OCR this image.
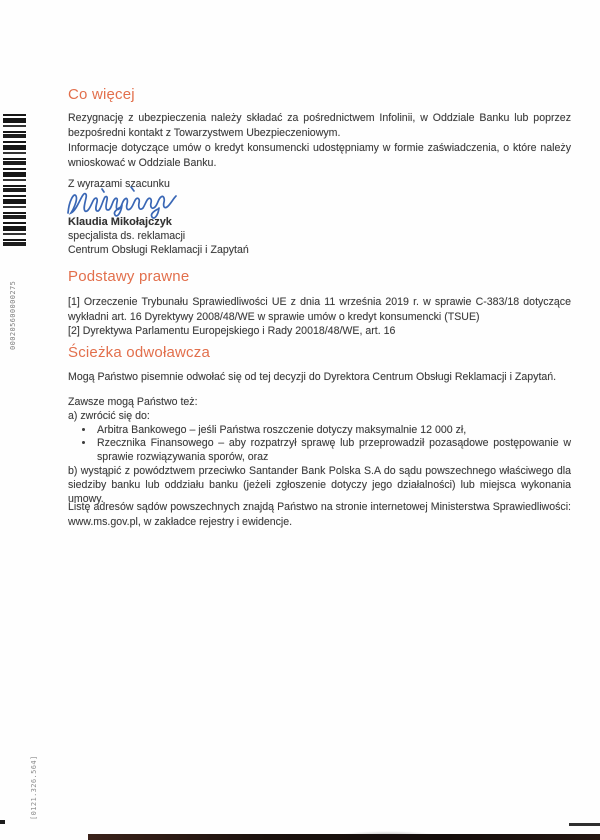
000205600000275
[0121.326.564]
Co więcej

Rezygnację z ubezpieczenia należy składać za pośrednictwem Infolinii, w Oddziale Banku lub poprzez bezpośredni kontakt z Towarzystwem Ubezpieczeniowym.

Informacje dotyczące umów o kredyt konsumencki udostępniamy w formie zaświadczenia, o które należy wnioskować w Oddziale Banku.

Z wyrazami szacunku

Klaudia Mikołajczyk

specjalista ds. reklamacji

Centrum Obsługi Reklamacji i Zapytań

Podstawy prawne

[1] Orzeczenie Trybunału Sprawiedliwości UE z dnia 11 września 2019 r. w sprawie C-383/18 dotyczące wykładni art. 16 Dyrektywy 2008/48/WE w sprawie umów o kredyt konsumencki (TSUE)

[2] Dyrektywa Parlamentu Europejskiego i Rady 20018/48/WE, art. 16

Ścieżka odwoławcza

Mogą Państwo pisemnie odwołać się od tej decyzji do Dyrektora Centrum Obsługi Reklamacji i Zapytań.

Zawsze mogą Państwo też:

a) zwrócić się do:

• Arbitra Bankowego – jeśli Państwa roszczenie dotyczy maksymalnie 12 000 zł,
• Rzecznika Finansowego – aby rozpatrzył sprawę lub przeprowadził pozasądowe postępowanie w sprawie rozwiązywania sporów, oraz

b) wystąpić z powództwem przeciwko Santander Bank Polska S.A do sądu powszechnego właściwego dla siedziby banku lub oddziału banku (jeżeli zgłoszenie dotyczy jego działalności) lub miejsca wykonania umowy.

Listę adresów sądów powszechnych znajdą Państwo na stronie internetowej Ministerstwa Sprawiedliwości: www.ms.gov.pl, w zakładce rejestry i ewidencje.
